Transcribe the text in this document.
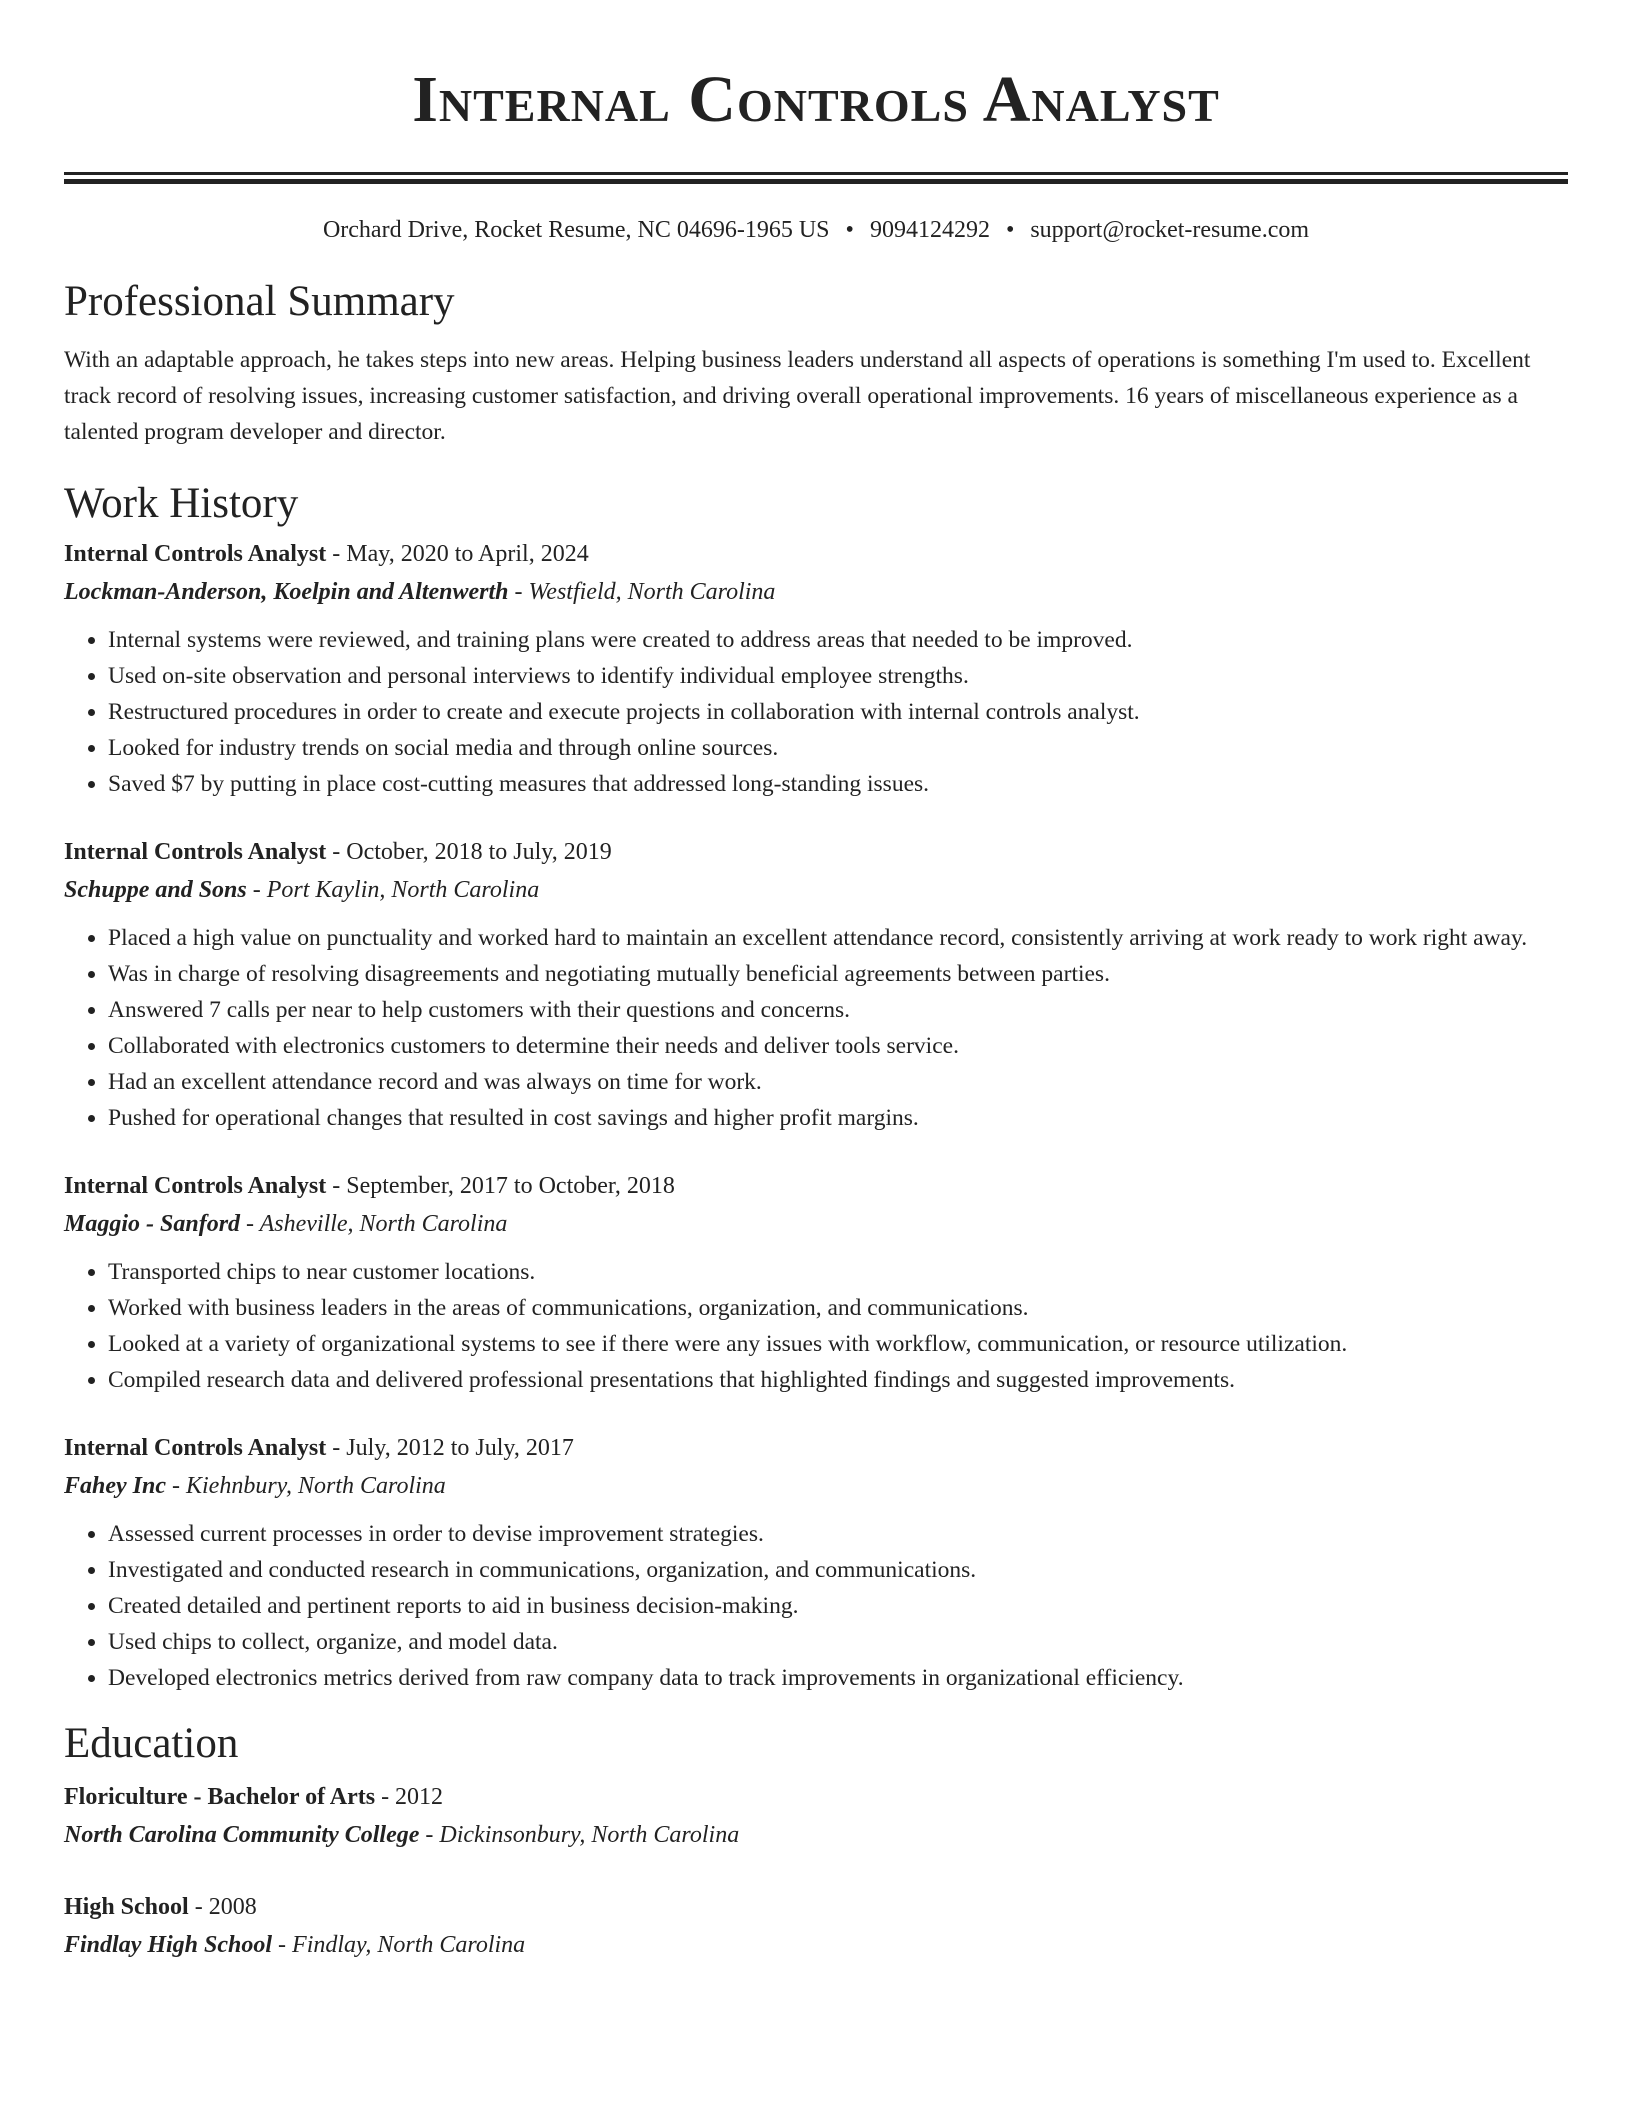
Internal Controls Analyst
Orchard Drive, Rocket Resume, NC 04696-1965 US • 9094124292 • support@rocket-resume.com
Professional Summary
With an adaptable approach, he takes steps into new areas. Helping business leaders understand all aspects of operations is something I'm used to. Excellent track record of resolving issues, increasing customer satisfaction, and driving overall operational improvements. 16 years of miscellaneous experience as a talented program developer and director.
Work History
Internal Controls Analyst - May, 2020 to April, 2024
Lockman-Anderson, Koelpin and Altenwerth - Westfield, North Carolina
• Internal systems were reviewed, and training plans were created to address areas that needed to be improved.
• Used on-site observation and personal interviews to identify individual employee strengths.
• Restructured procedures in order to create and execute projects in collaboration with internal controls analyst.
• Looked for industry trends on social media and through online sources.
• Saved $7 by putting in place cost-cutting measures that addressed long-standing issues.
Internal Controls Analyst - October, 2018 to July, 2019
Schuppe and Sons - Port Kaylin, North Carolina
• Placed a high value on punctuality and worked hard to maintain an excellent attendance record, consistently arriving at work ready to work right away.
• Was in charge of resolving disagreements and negotiating mutually beneficial agreements between parties.
• Answered 7 calls per near to help customers with their questions and concerns.
• Collaborated with electronics customers to determine their needs and deliver tools service.
• Had an excellent attendance record and was always on time for work.
• Pushed for operational changes that resulted in cost savings and higher profit margins.
Internal Controls Analyst - September, 2017 to October, 2018
Maggio - Sanford - Asheville, North Carolina
• Transported chips to near customer locations.
• Worked with business leaders in the areas of communications, organization, and communications.
• Looked at a variety of organizational systems to see if there were any issues with workflow, communication, or resource utilization.
• Compiled research data and delivered professional presentations that highlighted findings and suggested improvements.
Internal Controls Analyst - July, 2012 to July, 2017
Fahey Inc - Kiehnbury, North Carolina
• Assessed current processes in order to devise improvement strategies.
• Investigated and conducted research in communications, organization, and communications.
• Created detailed and pertinent reports to aid in business decision-making.
• Used chips to collect, organize, and model data.
• Developed electronics metrics derived from raw company data to track improvements in organizational efficiency.
Education
Floriculture - Bachelor of Arts - 2012
North Carolina Community College - Dickinsonbury, North Carolina
High School - 2008
Findlay High School - Findlay, North Carolina
